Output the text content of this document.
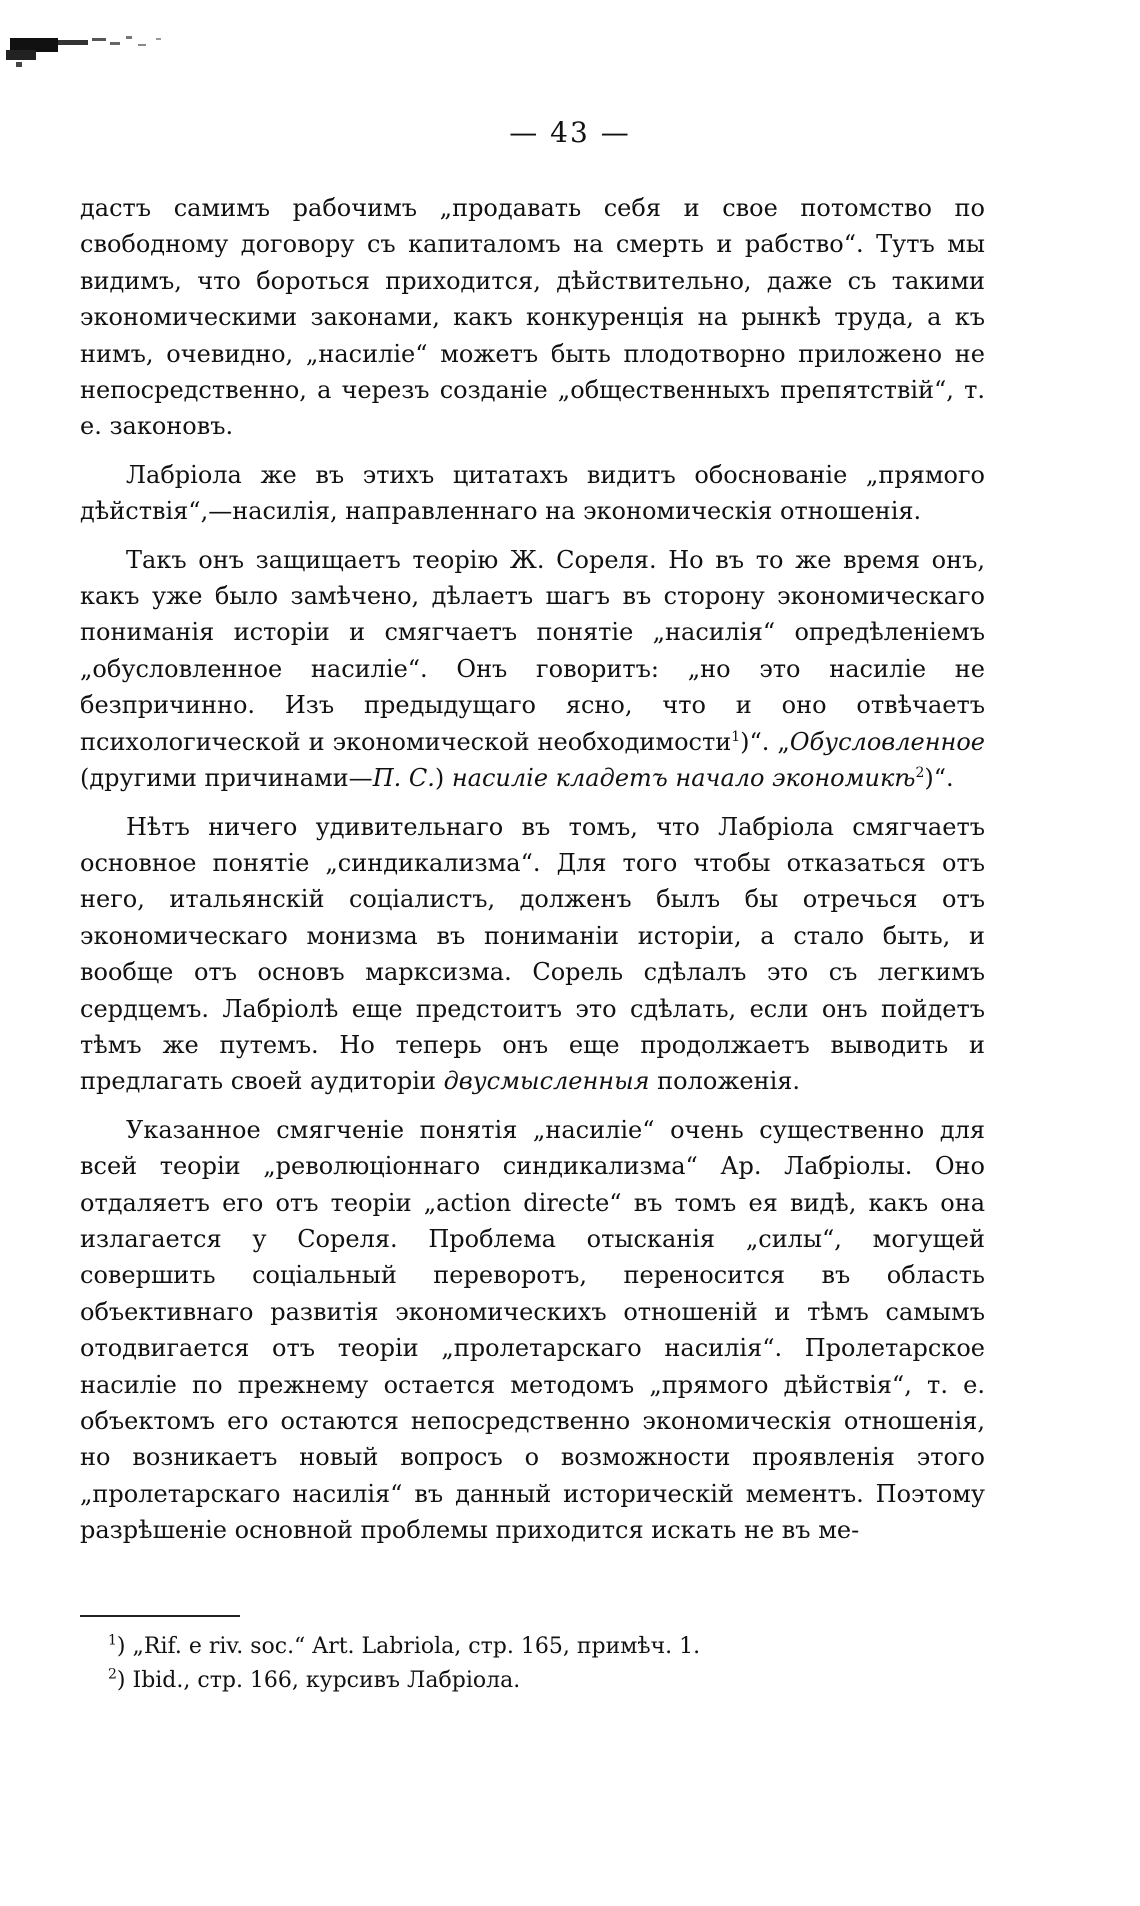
— 43 —

дастъ самимъ рабочимъ „продавать себя и свое потомство по свободному договору съ капиталомъ на смерть и рабство“. Тутъ мы видимъ, что бороться приходится, дѣйствительно, даже съ такими экономическими законами, какъ конкуренція на рынкѣ труда, а къ нимъ, очевидно, „насиліе“ можетъ быть плодотворно приложено не непосредственно, а черезъ созданіе „общественныхъ препятствій“, т. е. законовъ.

Лабріола же въ этихъ цитатахъ видитъ обоснованіе „прямого дѣйствія“,—насилія, направленнаго на экономическія отношенія.

Такъ онъ защищаетъ теорію Ж. Сореля. Но въ то же время онъ, какъ уже было замѣчено, дѣлаетъ шагъ въ сторону экономическаго пониманія исторіи и смягчаетъ понятіе „насилія“ опредѣленіемъ „обусловленное насиліе“. Онъ говоритъ: „но это насиліе не безпричинно. Изъ предыдущаго ясно, что и оно отвѣчаетъ психологической и экономической необходимости$^1$)“. „Обусловленное (другими причинами—П. С.) насиліе кладетъ начало экономикѣ$^2$)“.

Нѣтъ ничего удивительнаго въ томъ, что Лабріола смягчаетъ основное понятіе „синдикализма“. Для того чтобы отказаться отъ него, итальянскій соціалистъ, долженъ былъ бы отречься отъ экономическаго монизма въ пониманіи исторіи, а стало быть, и вообще отъ основъ марксизма. Сорель сдѣлалъ это съ легкимъ сердцемъ. Лабріолѣ еще предстоитъ это сдѣлать, если онъ пойдетъ тѣмъ же путемъ. Но теперь онъ еще продолжаетъ выводить и предлагать своей аудиторіи двусмысленныя положенія.

Указанное смягченіе понятія „насиліе“ очень существенно для всей теоріи „революціоннаго синдикализма“ Ар. Лабріолы. Оно отдаляетъ его отъ теоріи „action directe“ въ томъ ея видѣ, какъ она излагается у Сореля. Проблема отысканія „силы“, могущей совершить соціальный переворотъ, переносится въ область объективнаго развитія экономическихъ отношеній и тѣмъ самымъ отодвигается отъ теоріи „пролетарскаго насилія“. Пролетарское насиліе по прежнему остается методомъ „прямого дѣйствія“, т. е. объектомъ его остаются непосредственно экономическія отношенія, но возникаетъ новый вопросъ о возможности проявленія этого „пролетарскаго насилія“ въ данный историческій мементъ. Поэтому разрѣшеніе основной проблемы приходится искать не въ ме-

$^1$) „Rif. e riv. soc.“ Art. Labriola, стр. 165, примѣч. 1.

$^2$) Ibid., стр. 166, курсивъ Лабріола.
